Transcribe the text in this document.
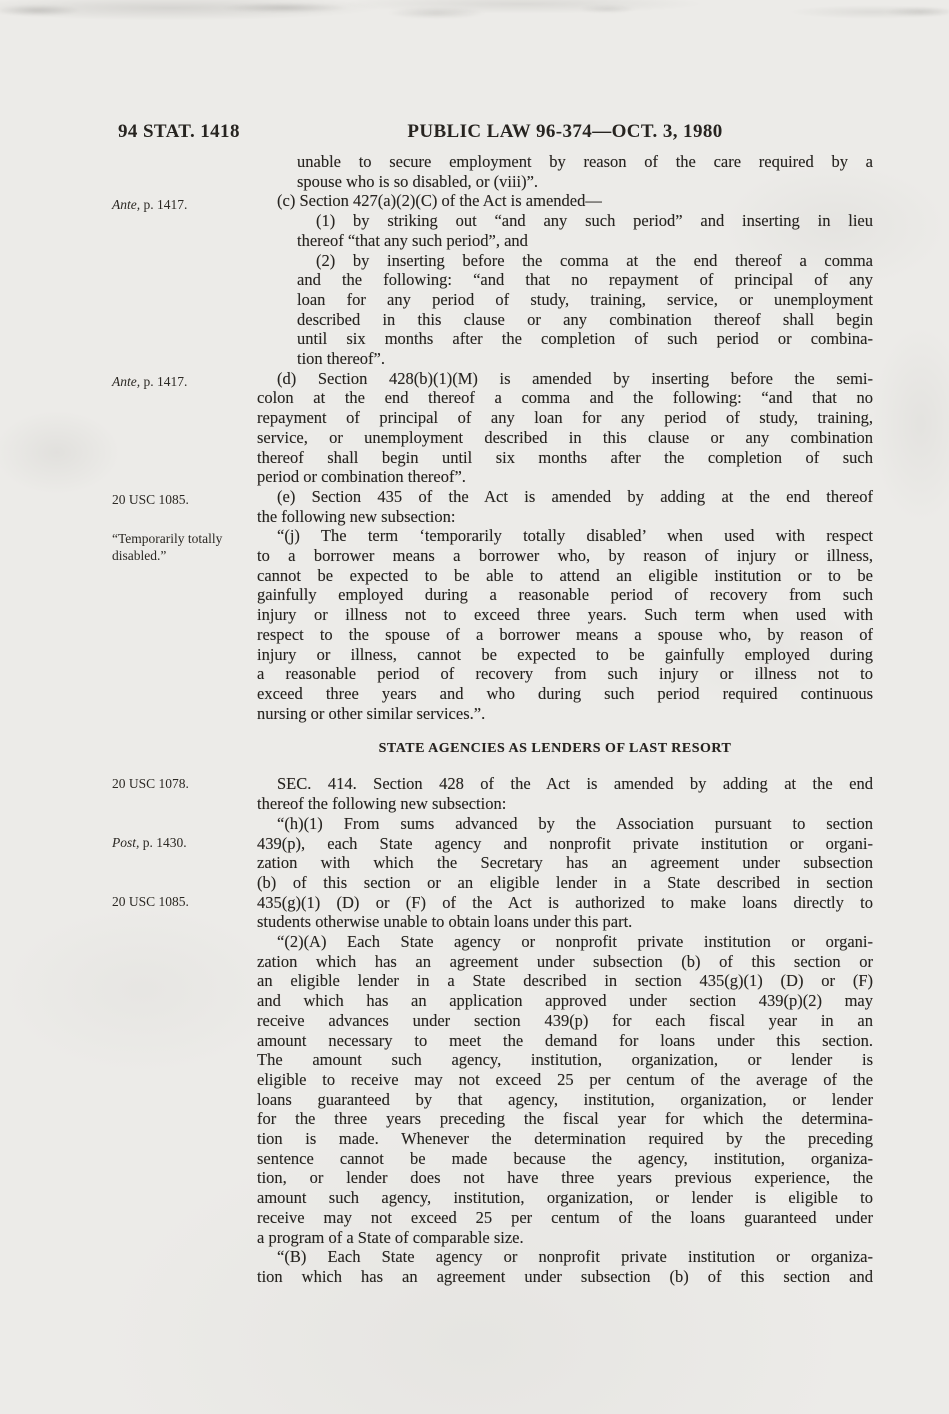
94 STAT. 1418	PUBLIC LAW 96-374—OCT. 3, 1980
Ante, p. 1417.
Ante, p. 1417.
20 USC 1085.
“Temporarily totally disabled.”
20 USC 1078.
Post, p. 1430.
20 USC 1085.
unable to secure employment by reason of the care required by a
spouse who is so disabled, or (viii)”.
(c) Section 427(a)(2)(C) of the Act is amended—
(1) by striking out “and any such period” and inserting in lieu
thereof “that any such period”, and
(2) by inserting before the comma at the end thereof a comma
and the following: “and that no repayment of principal of any
loan for any period of study, training, service, or unemployment
described in this clause or any combination thereof shall begin
until six months after the completion of such period or combina-
tion thereof”.
(d) Section 428(b)(1)(M) is amended by inserting before the semi-
colon at the end thereof a comma and the following: “and that no
repayment of principal of any loan for any period of study, training,
service, or unemployment described in this clause or any combination
thereof shall begin until six months after the completion of such
period or combination thereof”.
(e) Section 435 of the Act is amended by adding at the end thereof
the following new subsection:
“(j) The term ‘temporarily totally disabled’ when used with respect
to a borrower means a borrower who, by reason of injury or illness,
cannot be expected to be able to attend an eligible institution or to be
gainfully employed during a reasonable period of recovery from such
injury or illness not to exceed three years. Such term when used with
respect to the spouse of a borrower means a spouse who, by reason of
injury or illness, cannot be expected to be gainfully employed during
a reasonable period of recovery from such injury or illness not to
exceed three years and who during such period required continuous
nursing or other similar services.”.
STATE AGENCIES AS LENDERS OF LAST RESORT
SEC. 414. Section 428 of the Act is amended by adding at the end
thereof the following new subsection:
“(h)(1) From sums advanced by the Association pursuant to section
439(p), each State agency and nonprofit private institution or organi-
zation with which the Secretary has an agreement under subsection
(b) of this section or an eligible lender in a State described in section
435(g)(1) (D) or (F) of the Act is authorized to make loans directly to
students otherwise unable to obtain loans under this part.
“(2)(A) Each State agency or nonprofit private institution or organi-
zation which has an agreement under subsection (b) of this section or
an eligible lender in a State described in section 435(g)(1) (D) or (F)
and which has an application approved under section 439(p)(2) may
receive advances under section 439(p) for each fiscal year in an
amount necessary to meet the demand for loans under this section.
The amount such agency, institution, organization, or lender is
eligible to receive may not exceed 25 per centum of the average of the
loans guaranteed by that agency, institution, organization, or lender
for the three years preceding the fiscal year for which the determina-
tion is made. Whenever the determination required by the preceding
sentence cannot be made because the agency, institution, organiza-
tion, or lender does not have three years previous experience, the
amount such agency, institution, organization, or lender is eligible to
receive may not exceed 25 per centum of the loans guaranteed under
a program of a State of comparable size.
“(B) Each State agency or nonprofit private institution or organiza-
tion which has an agreement under subsection (b) of this section and
